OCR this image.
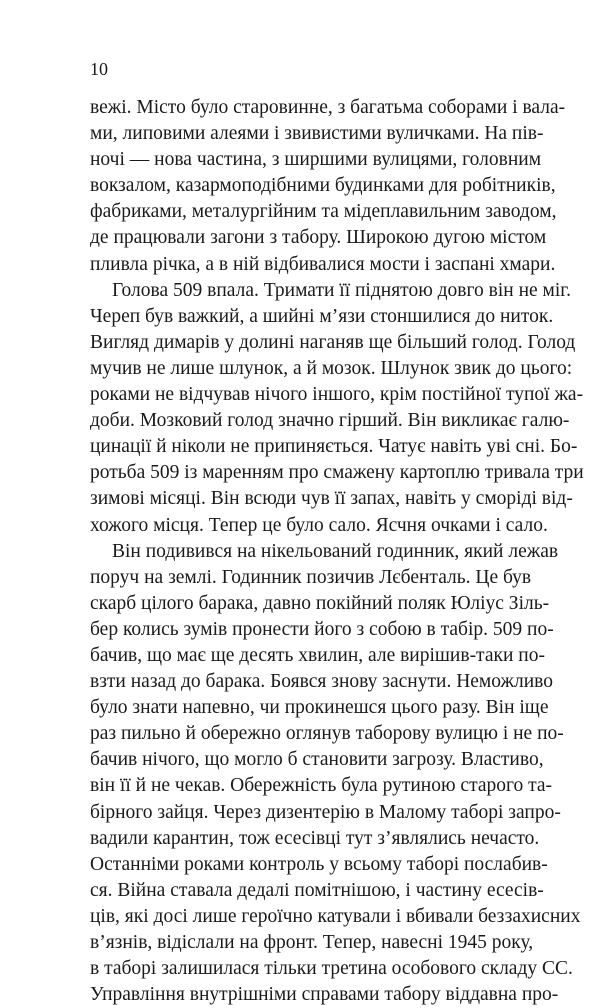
10
вежі. Місто було старовинне, з багатьма соборами і вала-
ми, липовими алеями і звивистими вуличками. На пів-
ночі — нова частина, з ширшими вулицями, головним
вокзалом, казармоподібними будинками для робітників,
фабриками, металургійним та мідеплавильним заводом,
де працювали загони з табору. Широкою дугою містом
пливла річка, а в ній відбивалися мости і заспані хмари.
Голова 509 впала. Тримати її піднятою довго він не міг.
Череп був важкий, а шийні м’язи стоншилися до ниток.
Вигляд димарів у долині наганяв ще більший голод. Голод
мучив не лише шлунок, а й мозок. Шлунок звик до цього:
роками не відчував нічого іншого, крім постійної тупої жа-
доби. Мозковий голод значно гірший. Він викликає галю-
цинації й ніколи не припиняється. Чатує навіть уві сні. Бо-
ротьба 509 із маренням про смажену картоплю тривала три
зимові місяці. Він всюди чув її запах, навіть у сморіді від-
хожого місця. Тепер це було сало. Ясчня очками і сало.
Він подивився на нікельований годинник, який лежав
поруч на землі. Годинник позичив Лєбенталь. Це був
скарб цілого барака, давно покійний поляк Юліус Зіль-
бер колись зумів пронести його з собою в табір. 509 по-
бачив, що має ще десять хвилин, але вирішив-таки по-
взти назад до барака. Боявся знову заснути. Неможливо
було знати напевно, чи прокинешся цього разу. Він іще
раз пильно й обережно оглянув таборову вулицю і не по-
бачив нічого, що могло б становити загрозу. Властиво,
він її й не чекав. Обережність була рутиною старого та-
бірного зайця. Через дизентерію в Малому таборі запро-
вадили карантин, тож есесівці тут з’являлись нечасто.
Останніми роками контроль у всьому таборі послабив-
ся. Війна ставала дедалі помітнішою, і частину есесів-
ців, які досі лише героїчно катували і вбивали беззахисних
в’язнів, відіслали на фронт. Тепер, навесні 1945 року,
в таборі залишилася тільки третина особового складу СС.
Управління внутрішніми справами табору віддавна про-
